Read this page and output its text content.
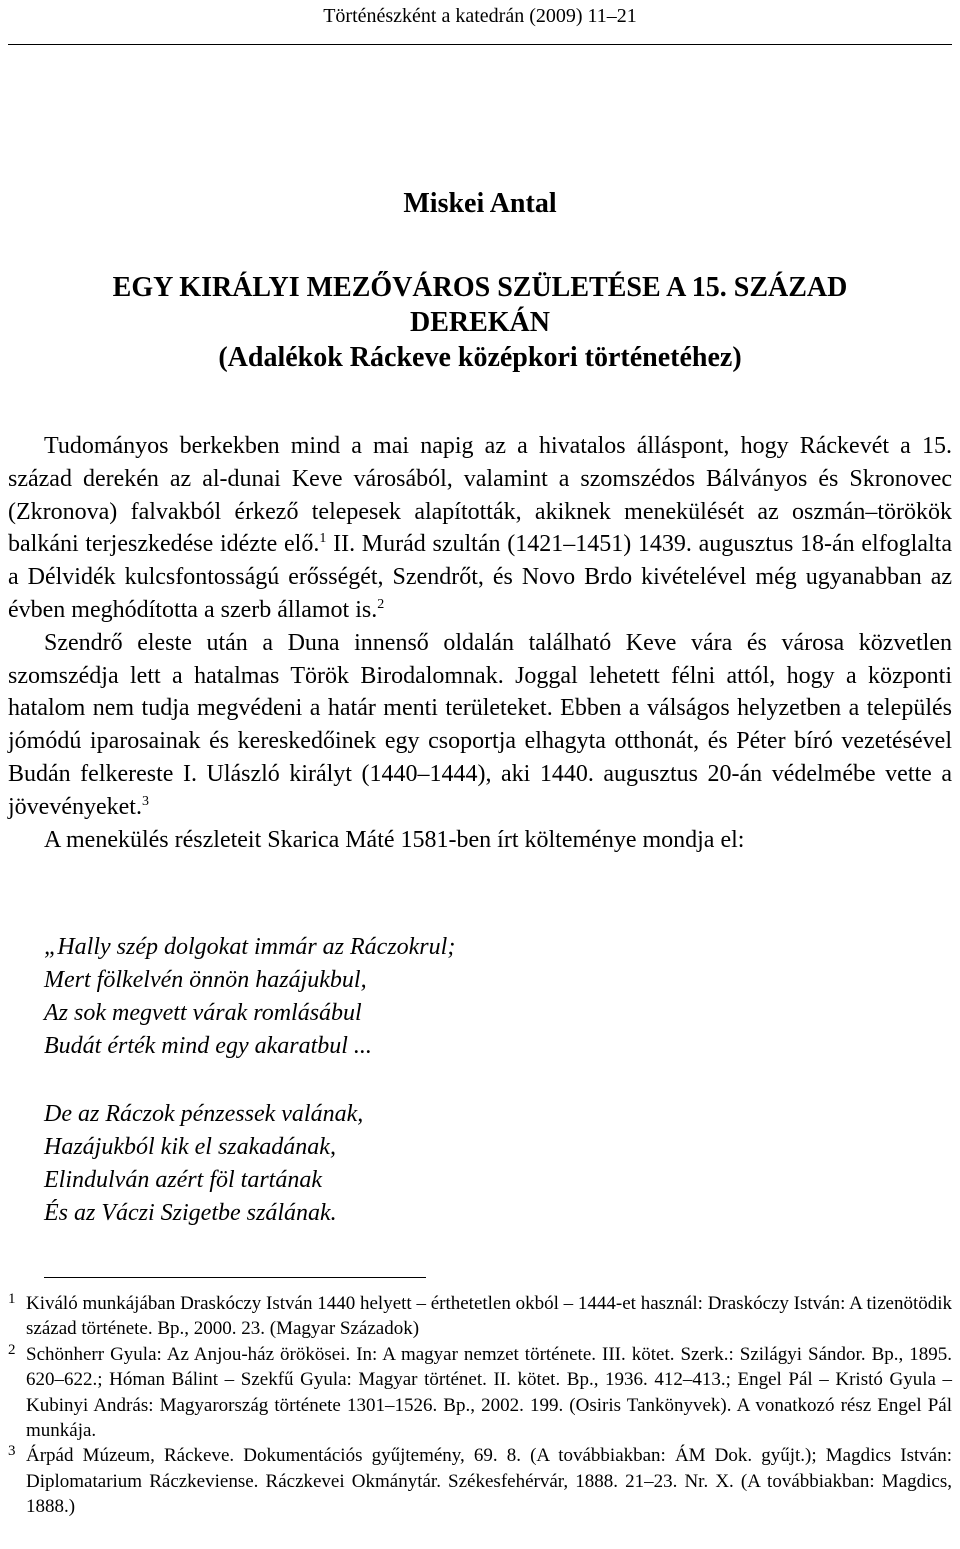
Történészként a katedrán (2009) 11–21
Miskei Antal
EGY KIRÁLYI MEZŐVÁROS SZÜLETÉSE A 15. SZÁZAD
DEREKÁN
(Adalékok Ráckeve középkori történetéhez)

Tudományos berkekben mind a mai napig az a hivatalos álláspont, hogy Ráckevét a 15. század derekén az al-dunai Keve városából, valamint a szomszédos Bálványos és Skronovec (Zkronova) falvakból érkező telepesek alapították, akiknek menekülését az oszmán–törökök balkáni terjeszkedése idézte elő.$^1$ II. Murád szultán (1421–1451) 1439. augusztus 18-án elfoglalta a Délvidék kulcsfontosságú erősségét, Szendrőt, és Novo Brdo kivételével még ugyanabban az évben meghódította a szerb államot is.$^2$

Szendrő eleste után a Duna innenső oldalán található Keve vára és városa közvetlen szomszédja lett a hatalmas Török Birodalomnak. Joggal lehetett félni attól, hogy a központi hatalom nem tudja megvédeni a határ menti területeket. Ebben a válságos helyzetben a település jómódú iparosainak és kereskedőinek egy csoportja elhagyta otthonát, és Péter bíró vezetésével Budán felkereste I. Ulászló királyt (1440–1444), aki 1440. augusztus 20-án védelmébe vette a jövevényeket.$^3$

A menekülés részleteit Skarica Máté 1581-ben írt költeménye mondja el:

„Hally szép dolgokat immár az Ráczokrul;
Mert fölkelvén önnön hazájukbul,
Az sok megvett várak romlásábul
Budát érték mind egy akaratbul ...
De az Ráczok pénzessek valának,
Hazájukból kik el szakadának,
Elindulván azért föl tartának
És az Váczi Szigetbe szálának.
1 Kiváló munkájában Draskóczy István 1440 helyett – érthetetlen okból – 1444-et használ: Draskóczy István: A tizenötödik század története. Bp., 2000. 23. (Magyar Századok)
2 Schönherr Gyula: Az Anjou-ház örökösei. In: A magyar nemzet története. III. kötet. Szerk.: Szilágyi Sándor. Bp., 1895. 620–622.; Hóman Bálint – Szekfű Gyula: Magyar történet. II. kötet. Bp., 1936. 412–413.; Engel Pál – Kristó Gyula – Kubinyi András: Magyarország története 1301–1526. Bp., 2002. 199. (Osiris Tankönyvek). A vonatkozó rész Engel Pál munkája.
3 Árpád Múzeum, Ráckeve. Dokumentációs gyűjtemény, 69. 8. (A továbbiakban: ÁM Dok. gyűjt.); Magdics István: Diplomatarium Ráczkeviense. Ráczkevei Okmánytár. Székesfehérvár, 1888. 21–23. Nr. X. (A továbbiakban: Magdics, 1888.)
